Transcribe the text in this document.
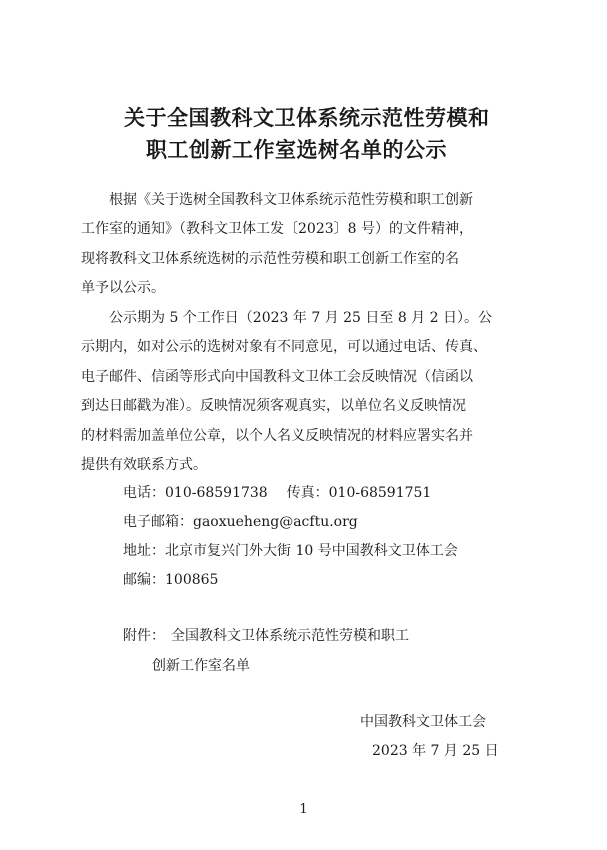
关于全国教科文卫体系统示范性劳模和
职工创新工作室选树名单的公示
根据《关于选树全国教科文卫体系统示范性劳模和职工创新
工作室的通知》（教科文卫体工发〔2023〕8 号）的文件精神，
现将教科文卫体系统选树的示范性劳模和职工创新工作室的名
单予以公示。
公示期为 5 个工作日（2023 年 7 月 25 日至 8 月 2 日）。公
示期内，如对公示的选树对象有不同意见，可以通过电话、传真、
电子邮件、信函等形式向中国教科文卫体工会反映情况（信函以
到达日邮戳为准）。反映情况须客观真实，以单位名义反映情况
的材料需加盖单位公章，以个人名义反映情况的材料应署实名并
提供有效联系方式。
电话：010-68591738 传真：010-68591751
电子邮箱：gaoxueheng@acftu.org
地址：北京市复兴门外大街 10 号中国教科文卫体工会
邮编：100865
附件： 全国教科文卫体系统示范性劳模和职工
创新工作室名单
中国教科文卫体工会
2023 年 7 月 25 日
1
